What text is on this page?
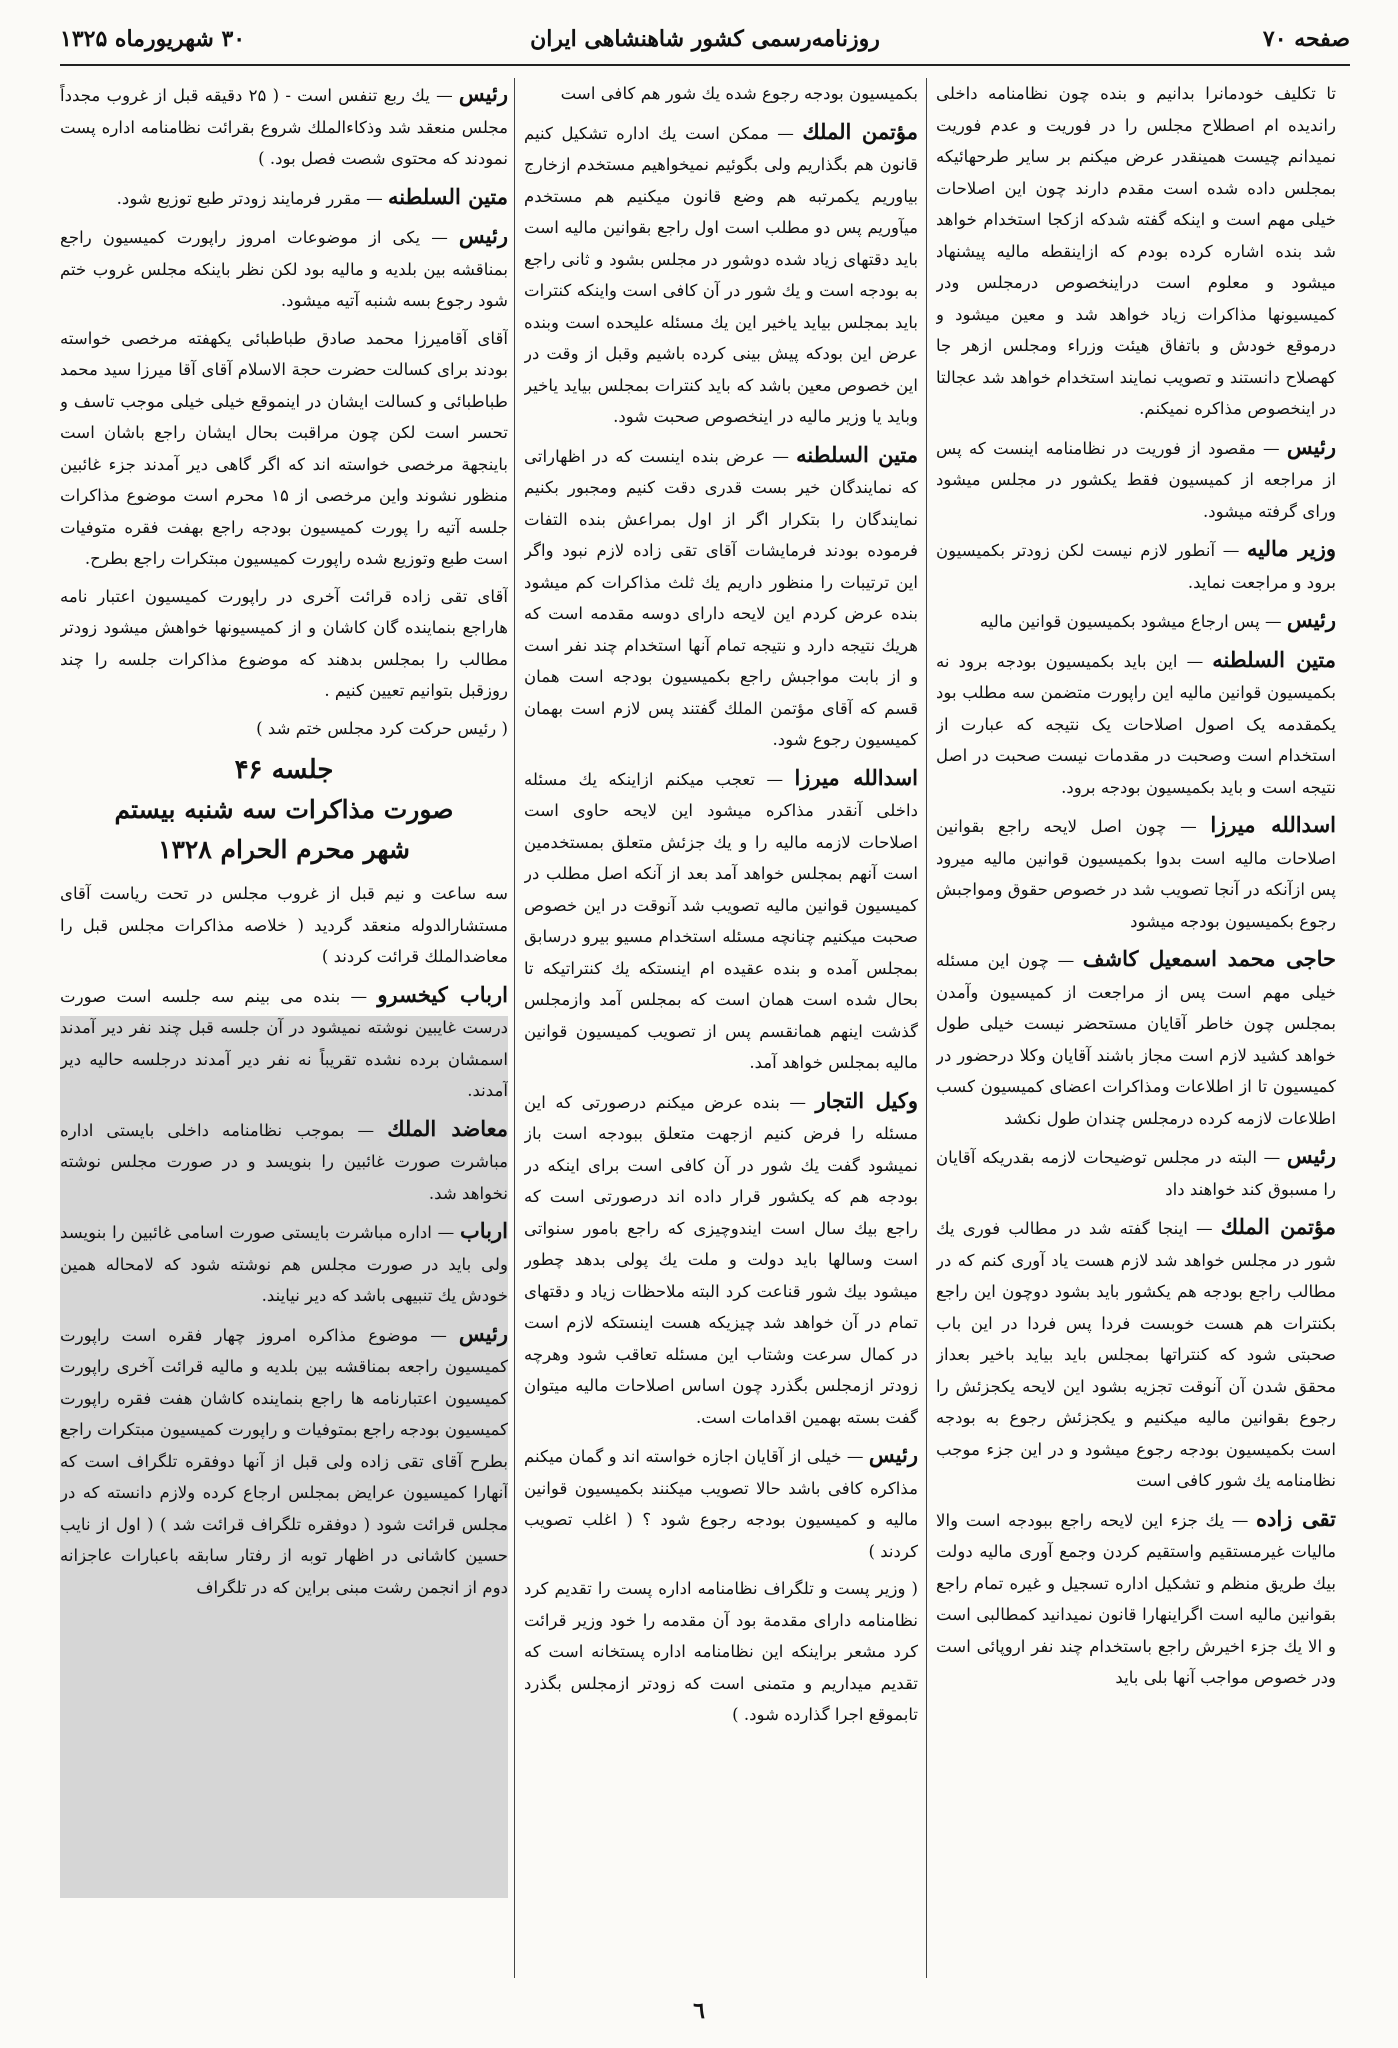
صفحه ۷۰
روزنامه‌رسمی کشور شاهنشاهی ایران
۳۰ شهریورماه ۱۳۲۵
تا تکلیف خودمانرا بدانیم و بنده چون نظامنامه داخلی راندیده ام اصطلاح مجلس را در فوریت و عدم فوریت نمیدانم چیست همینقدر عرض میکنم بر سایر طرحهائیکه بمجلس داده شده است مقدم دارند چون این اصلاحات خیلی مهم است و اینکه گفته شدکه ازکجا استخدام خواهد شد بنده اشاره کرده بودم که ازاینقطه مالیه پیشنهاد میشود و معلوم است دراینخصوص درمجلس ودر کمیسیونها مذاکرات زیاد خواهد شد و معین میشود و درموقع خودش و باتفاق هیئت وزراء ومجلس ازهر جا کهصلاح دانستند و تصویب نمایند استخدام خواهد شد عجالتا در اینخصوص مذاکره نمیکنم.
رئیس — مقصود از فوریت در نظامنامه اینست که پس از مراجعه از کمیسیون فقط یکشور در مجلس میشود ورای گرفته میشود.
وزیر مالیه — آنطور لازم نیست لکن زودتر بکمیسیون برود و مراجعت نماید.
رئیس — پس ارجاع میشود بکمیسیون قوانین مالیه
متین السلطنه — این باید بکمیسیون بودجه برود نه بکمیسیون قوانین مالیه این راپورت متضمن سه مطلب بود یکمقدمه یک اصول اصلاحات یک نتیجه که عبارت از استخدام است وصحبت در مقدمات نیست صحبت در اصل نتیجه است و باید بکمیسیون بودجه برود.
اسدالله میرزا — چون اصل لایحه راجع بقوانین اصلاحات مالیه است بدوا بکمیسیون قوانین مالیه میرود پس ازآنکه در آنجا تصویب شد در خصوص حقوق ومواجبش رجوع بکمیسیون بودجه میشود
حاجی محمد اسمعیل کاشف — چون این مسئله خیلی مهم است پس از مراجعت از کمیسیون وآمدن بمجلس چون خاطر آقایان مستحضر نیست خیلی طول خواهد کشید لازم است مجاز باشند آقایان وکلا درحضور در کمیسیون تا از اطلاعات ومذاکرات اعضای کمیسیون کسب اطلاعات لازمه کرده درمجلس چندان طول نکشد
رئیس — البته در مجلس توضیحات لازمه بقدریکه آقایان را مسبوق کند خواهند داد
مؤتمن الملك — اینجا گفته شد در مطالب فوری یك شور در مجلس خواهد شد لازم هست یاد آوری کنم که در مطالب راجع بودجه هم یکشور باید بشود دوچون این راجع بکنترات هم هست خوبست فردا پس فردا در این باب صحبتی شود که کنتراتها بمجلس باید بیاید باخیر بعداز محقق شدن آن آنوقت تجزیه بشود این لایحه یکجزئش را رجوع بقوانین مالیه میکنیم و یکجزئش رجوع به بودجه است بکمیسیون بودجه رجوع میشود و در این جزء موجب نظامنامه یك شور کافی است
تقی زاده — یك جزء این لایحه راجع ببودجه است والا مالیات غیرمستقیم واستقیم کردن وجمع آوری مالیه دولت بیك طریق منظم و تشکیل اداره تسجیل و غیره تمام راجع بقوانین مالیه است اگراینهارا قانون نمیدانید کمطالبی است و الا یك جزء اخیرش راجع باستخدام چند نفر اروپائی است ودر خصوص مواجب آنها بلی باید
بکمیسیون بودجه رجوع شده یك شور هم کافی است
مؤتمن الملك — ممکن است یك اداره تشکیل کنیم قانون هم بگذاریم ولی بگوئیم نمیخواهیم مستخدم ازخارج بیاوریم یکمرتبه هم وضع قانون میکنیم هم مستخدم میآوریم پس دو مطلب است اول راجع بقوانین مالیه است باید دقتهای زیاد شده دوشور در مجلس بشود و ثانی راجع به بودجه است و یك شور در آن کافی است واینکه کنترات باید بمجلس بیاید یاخیر این یك مسئله علیحده است وبنده عرض این بودکه پیش بینی کرده باشیم وقبل از وقت در این خصوص معین باشد که باید کنترات بمجلس بیاید یاخیر وباید یا وزیر مالیه در اینخصوص صحبت شود.
متین السلطنه — عرض بنده اینست که در اظهاراتی که نمایندگان خیر بست قدری دقت کنیم ومجبور بکنیم نمایندگان را بتکرار اگر از اول بمراعش بنده التفات فرموده بودند فرمایشات آقای تقی زاده لازم نبود واگر این ترتیبات را منظور داریم یك ثلث مذاکرات کم میشود بنده عرض کردم این لایحه دارای دوسه مقدمه است که هریك نتیجه دارد و نتیجه تمام آنها استخدام چند نفر است و از بابت مواجبش راجع بکمیسیون بودجه است همان قسم که آقای مؤتمن الملك گفتند پس لازم است بهمان کمیسیون رجوع شود.
اسدالله میرزا — تعجب میکنم ازاینکه یك مسئله داخلی آنقدر مذاکره میشود این لایحه حاوی است اصلاحات لازمه مالیه را و یك جزئش متعلق بمستخدمین است آنهم بمجلس خواهد آمد بعد از آنکه اصل مطلب در کمیسیون قوانین مالیه تصویب شد آنوقت در این خصوص صحبت میکنیم چنانچه مسئله استخدام مسیو بیرو درسابق بمجلس آمده و بنده عقیده ام اینستکه یك کنتراتیکه تا بحال شده است همان است که بمجلس آمد وازمجلس گذشت اینهم همانقسم پس از تصویب کمیسیون قوانین مالیه بمجلس خواهد آمد.
وکیل التجار — بنده عرض میکنم درصورتی که این مسئله را فرض کنیم ازجهت متعلق ببودجه است باز نمیشود گفت یك شور در آن کافی است برای اینکه در بودجه هم که یکشور قرار داده اند درصورتی است که راجع بیك سال است ایندوچیزی که راجع بامور سنواتی است وسالها باید دولت و ملت یك پولی بدهد چطور میشود بیك شور قناعت کرد البته ملاحظات زیاد و دقتهای تمام در آن خواهد شد چیزیکه هست اینستکه لازم است در کمال سرعت وشتاب این مسئله تعاقب شود وهرچه زودتر ازمجلس بگذرد چون اساس اصلاحات مالیه میتوان گفت بسته بهمین اقدامات است.
رئیس — خیلی از آقایان اجازه خواسته اند و گمان میکنم مذاکره کافی باشد حالا تصویب میکنند بکمیسیون قوانین مالیه و کمیسیون بودجه رجوع شود ؟ ( اغلب تصویب کردند )
( وزیر پست و تلگراف نظامنامه اداره پست را تقدیم کرد نظامنامه دارای مقدمة بود آن مقدمه را خود وزیر قرائت کرد مشعر براینکه این نظامنامه اداره پستخانه است که تقدیم میداریم و متمنی است که زودتر ازمجلس بگذرد تابموقع اجرا گذارده شود. )
رئیس — یك ربع تنفس است - ( ۲۵ دقیقه قبل از غروب مجدداً مجلس منعقد شد وذکاءالملك شروع بقرائت نظامنامه اداره پست نمودند که محتوی شصت فصل بود. )
متین السلطنه — مقرر فرمایند زودتر طبع توزیع شود.
رئیس — یکی از موضوعات امروز راپورت کمیسیون راجع بمناقشه بین بلدیه و مالیه بود لکن نظر باینکه مجلس غروب ختم شود رجوع بسه شنبه آتیه میشود.
آقای آقامیرزا محمد صادق طباطبائی یکهفته مرخصی خواسته بودند برای کسالت حضرت حجة الاسلام آقای آقا میرزا سید محمد طباطبائی و کسالت ایشان در اینموقع خیلی خیلی موجب تاسف و تحسر است لکن چون مراقبت بحال ایشان راجع باشان است باینجهة مرخصی خواسته اند که اگر گاهی دیر آمدند جزء غائبین منظور نشوند واین مرخصی از ۱۵ محرم است موضوع مذاکرات جلسه آتیه را پورت کمیسیون بودجه راجع بهفت فقره متوفیات است طبع وتوزیع شده راپورت کمیسیون مبتکرات راجع بطرح.
آقای تقی زاده قرائت آخری در راپورت کمیسیون اعتبار نامه هاراجع بنماینده گان کاشان و از کمیسیونها خواهش میشود زودتر مطالب را بمجلس بدهند که موضوع مذاکرات جلسه را چند روزقبل بتوانیم تعیین کنیم .
( رئیس حرکت کرد مجلس ختم شد )
جلسه ۴۶
صورت مذاکرات سه شنبه بیستم
شهر محرم الحرام ۱۳۲۸
سه ساعت و نیم قبل از غروب مجلس در تحت ریاست آقای مستشارالدوله منعقد گردید ( خلاصه مذاکرات مجلس قبل را معاضدالملك قرائت کردند )
ارباب کیخسرو — بنده می بینم سه جلسه است صورت درست غایبین نوشته نمیشود در آن جلسه قبل چند نفر دیر آمدند اسمشان برده نشده تقریباً نه نفر دیر آمدند درجلسه حالیه دیر آمدند.
معاضد الملك — بموجب نظامنامه داخلی بایستی اداره مباشرت صورت غائبین را بنویسد و در صورت مجلس نوشته نخواهد شد.
ارباب — اداره مباشرت بایستی صورت اسامی غائبین را بنویسد ولی باید در صورت مجلس هم نوشته شود که لامحاله همین خودش یك تنبیهی باشد که دیر نیایند.
رئیس — موضوع مذاکره امروز چهار فقره است راپورت کمیسیون راجعه بمناقشه بین بلدیه و مالیه قرائت آخری راپورت کمیسیون اعتبارنامه ها راجع بنماینده کاشان هفت فقره راپورت کمیسیون بودجه راجع بمتوفیات و راپورت کمیسیون مبتکرات راجع بطرح آقای تقی زاده ولی قبل از آنها دوفقره تلگراف است که آنهارا کمیسیون عرایض بمجلس ارجاع کرده ولازم دانسته که در مجلس قرائت شود ( دوفقره تلگراف قرائت شد ) ( اول از نایب حسین کاشانی در اظهار توبه از رفتار سابقه باعبارات عاجزانه دوم از انجمن رشت مبنی براین که در تلگراف
٦
